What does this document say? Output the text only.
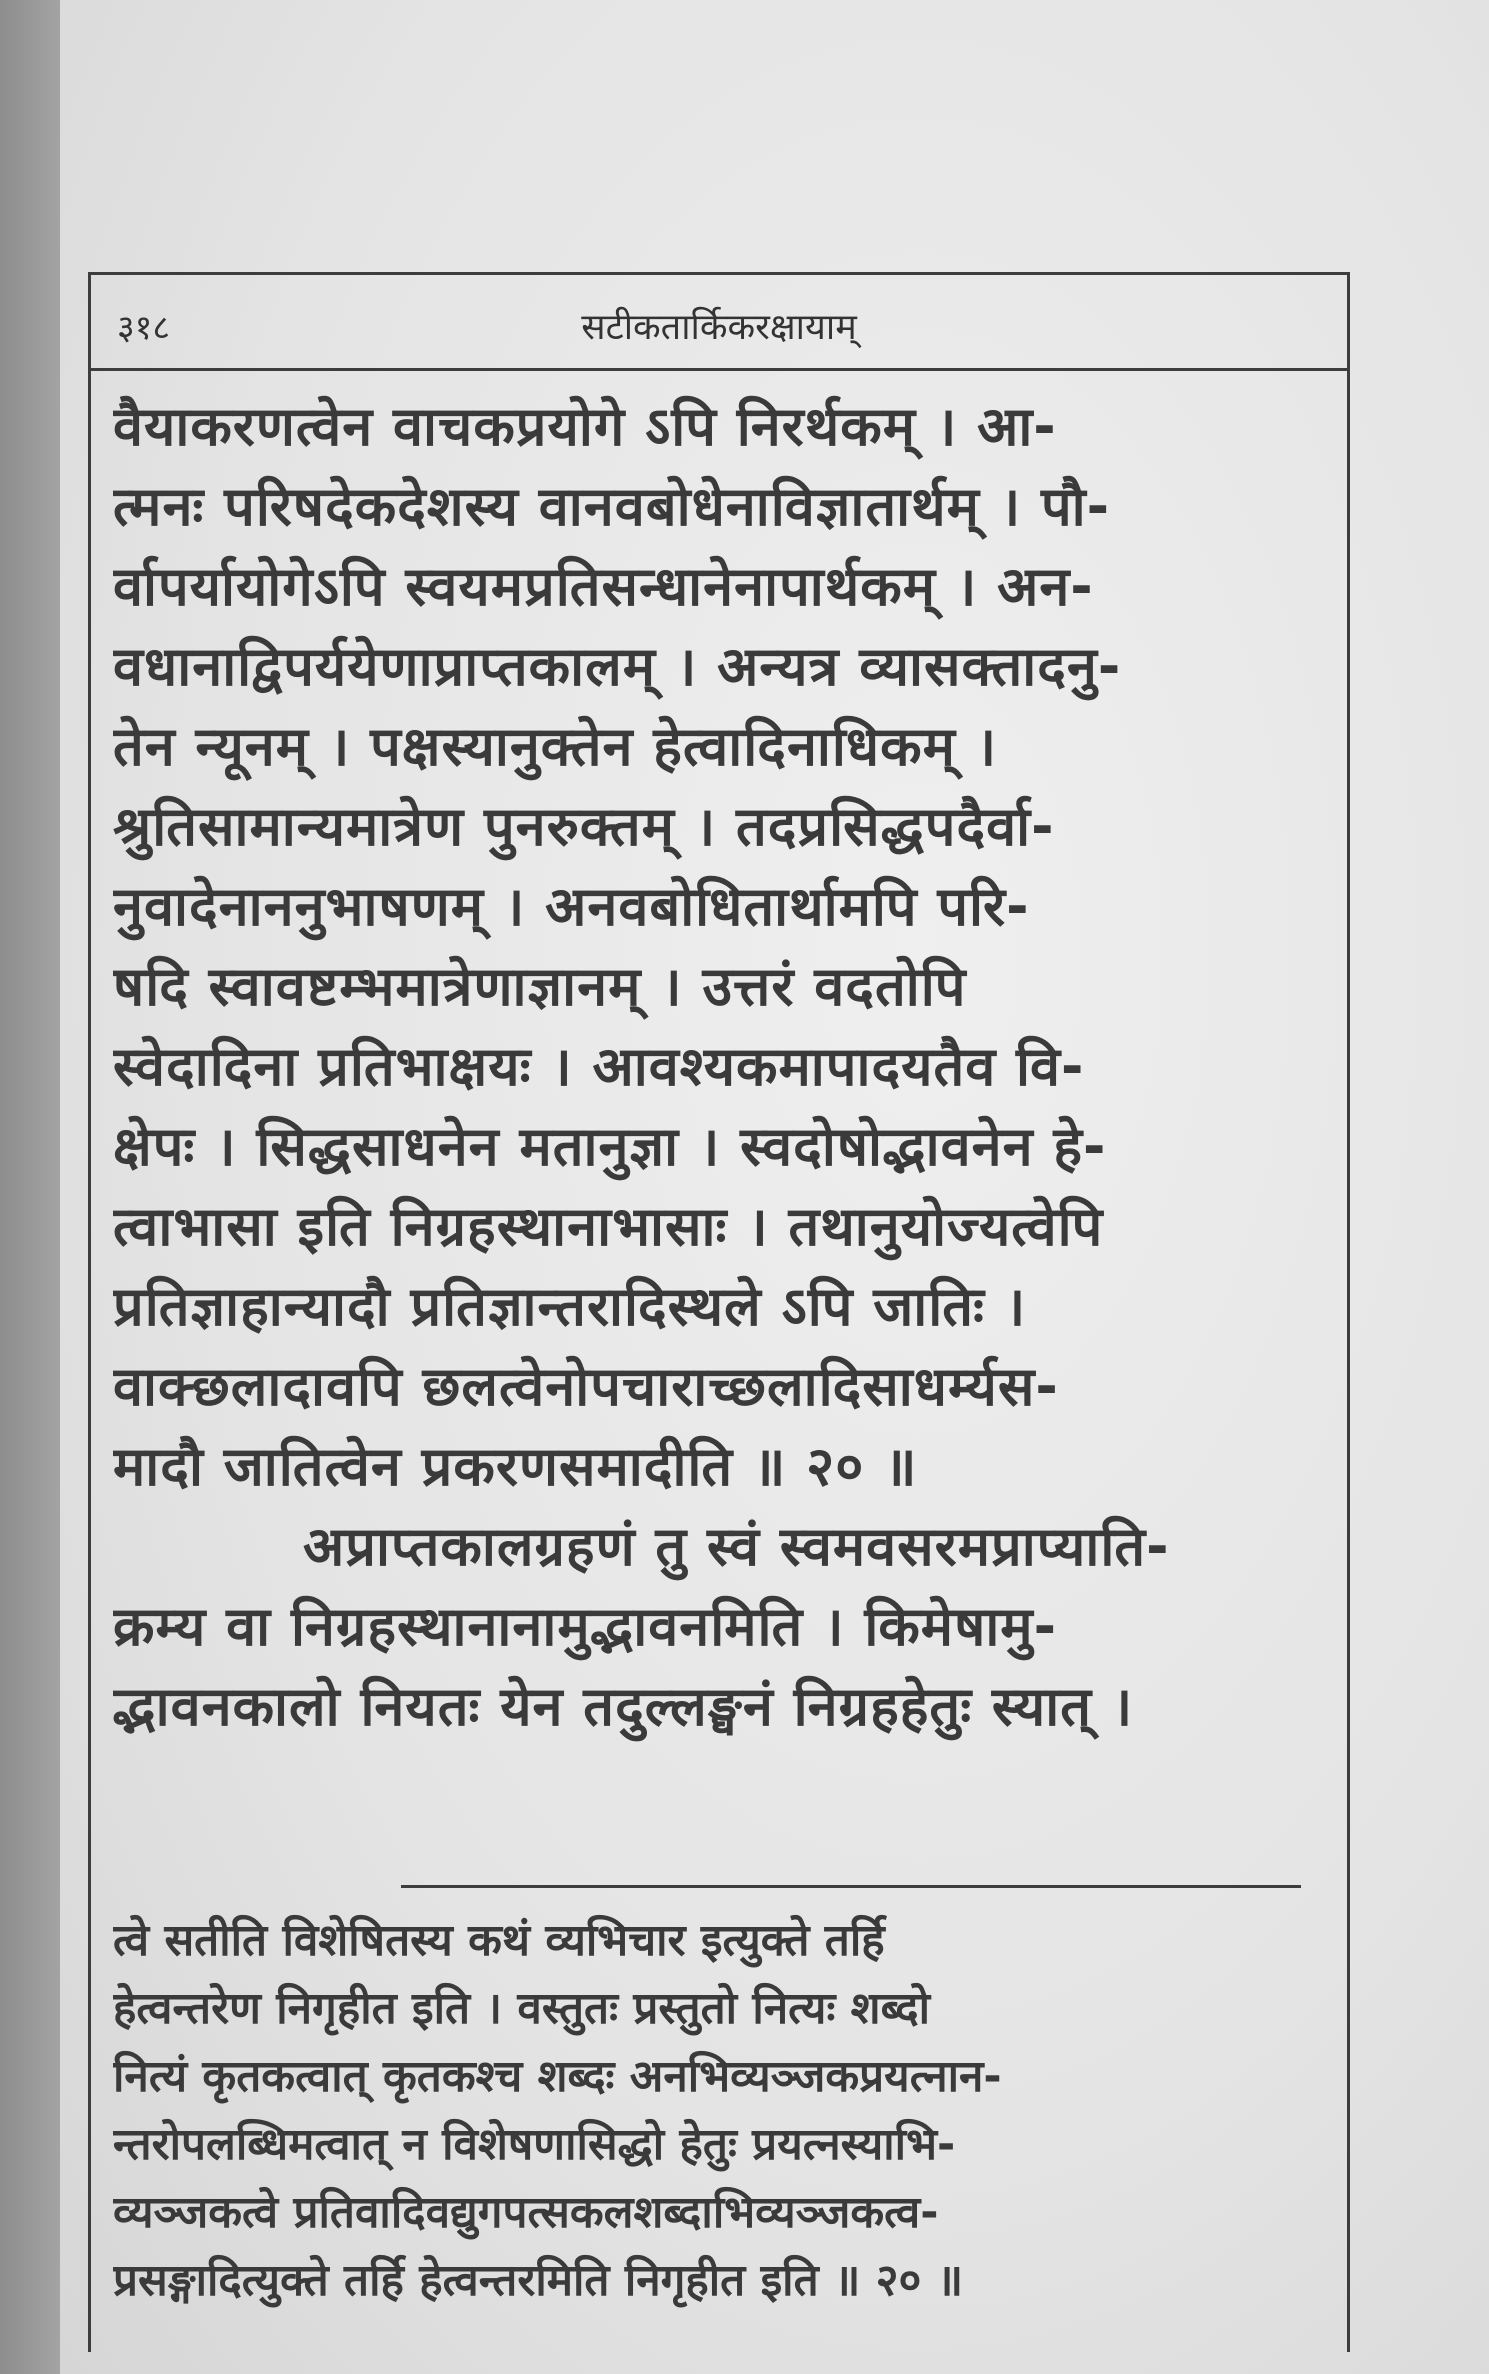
३१८	सटीकतार्किकरक्षायाम्
वैयाकरणत्वेन वाचकप्रयोगे ऽपि निरर्थकम् । आ-
त्मनः परिषदेकदेशस्य वानवबोधेनाविज्ञातार्थम् । पौ-
र्वापर्यायोगेऽपि स्वयमप्रतिसन्धानेनापार्थकम् । अन-
वधानाद्विपर्ययेणाप्राप्तकालम् । अन्यत्र व्यासक्तादनु-
तेन न्यूनम् । पक्षस्यानुक्तेन हेत्वादिनाधिकम् ।
श्रुतिसामान्यमात्रेण पुनरुक्तम् । तदप्रसिद्धपदैर्वा-
नुवादेनाननुभाषणम् । अनवबोधितार्थामपि परि-
षदि स्वावष्टम्भमात्रेणाज्ञानम् । उत्तरं वदतोपि
स्वेदादिना प्रतिभाक्षयः । आवश्यकमापादयतैव वि-
क्षेपः । सिद्धसाधनेन मतानुज्ञा । स्वदोषोद्भावनेन हे-
त्वाभासा इति निग्रहस्थानाभासाः । तथानुयोज्यत्वेपि
प्रतिज्ञाहान्यादौ प्रतिज्ञान्तरादिस्थले ऽपि जातिः ।
वाक्छलादावपि छलत्वेनोपचाराच्छलादिसाधर्म्यस-
मादौ जातित्वेन प्रकरणसमादीति ॥ २० ॥
अप्राप्तकालग्रहणं तु स्वं स्वमवसरमप्राप्याति-
क्रम्य वा निग्रहस्थानानामुद्भावनमिति । किमेषामु-
द्भावनकालो नियतः येन तदुल्लङ्घनं निग्रहहेतुः स्यात् ।
त्वे सतीति विशेषितस्य कथं व्यभिचार इत्युक्ते तर्हि
हेत्वन्तरेण निगृहीत इति । वस्तुतः प्रस्तुतो नित्यः शब्दो
नित्यं कृतकत्वात् कृतकश्च शब्दः अनभिव्यञ्जकप्रयत्नान-
न्तरोपलब्धिमत्वात् न विशेषणासिद्धो हेतुः प्रयत्नस्याभि-
व्यञ्जकत्वे प्रतिवादिवद्युगपत्सकलशब्दाभिव्यञ्जकत्व-
प्रसङ्गादित्युक्ते तर्हि हेत्वन्तरमिति निगृहीत इति ॥ २० ॥
